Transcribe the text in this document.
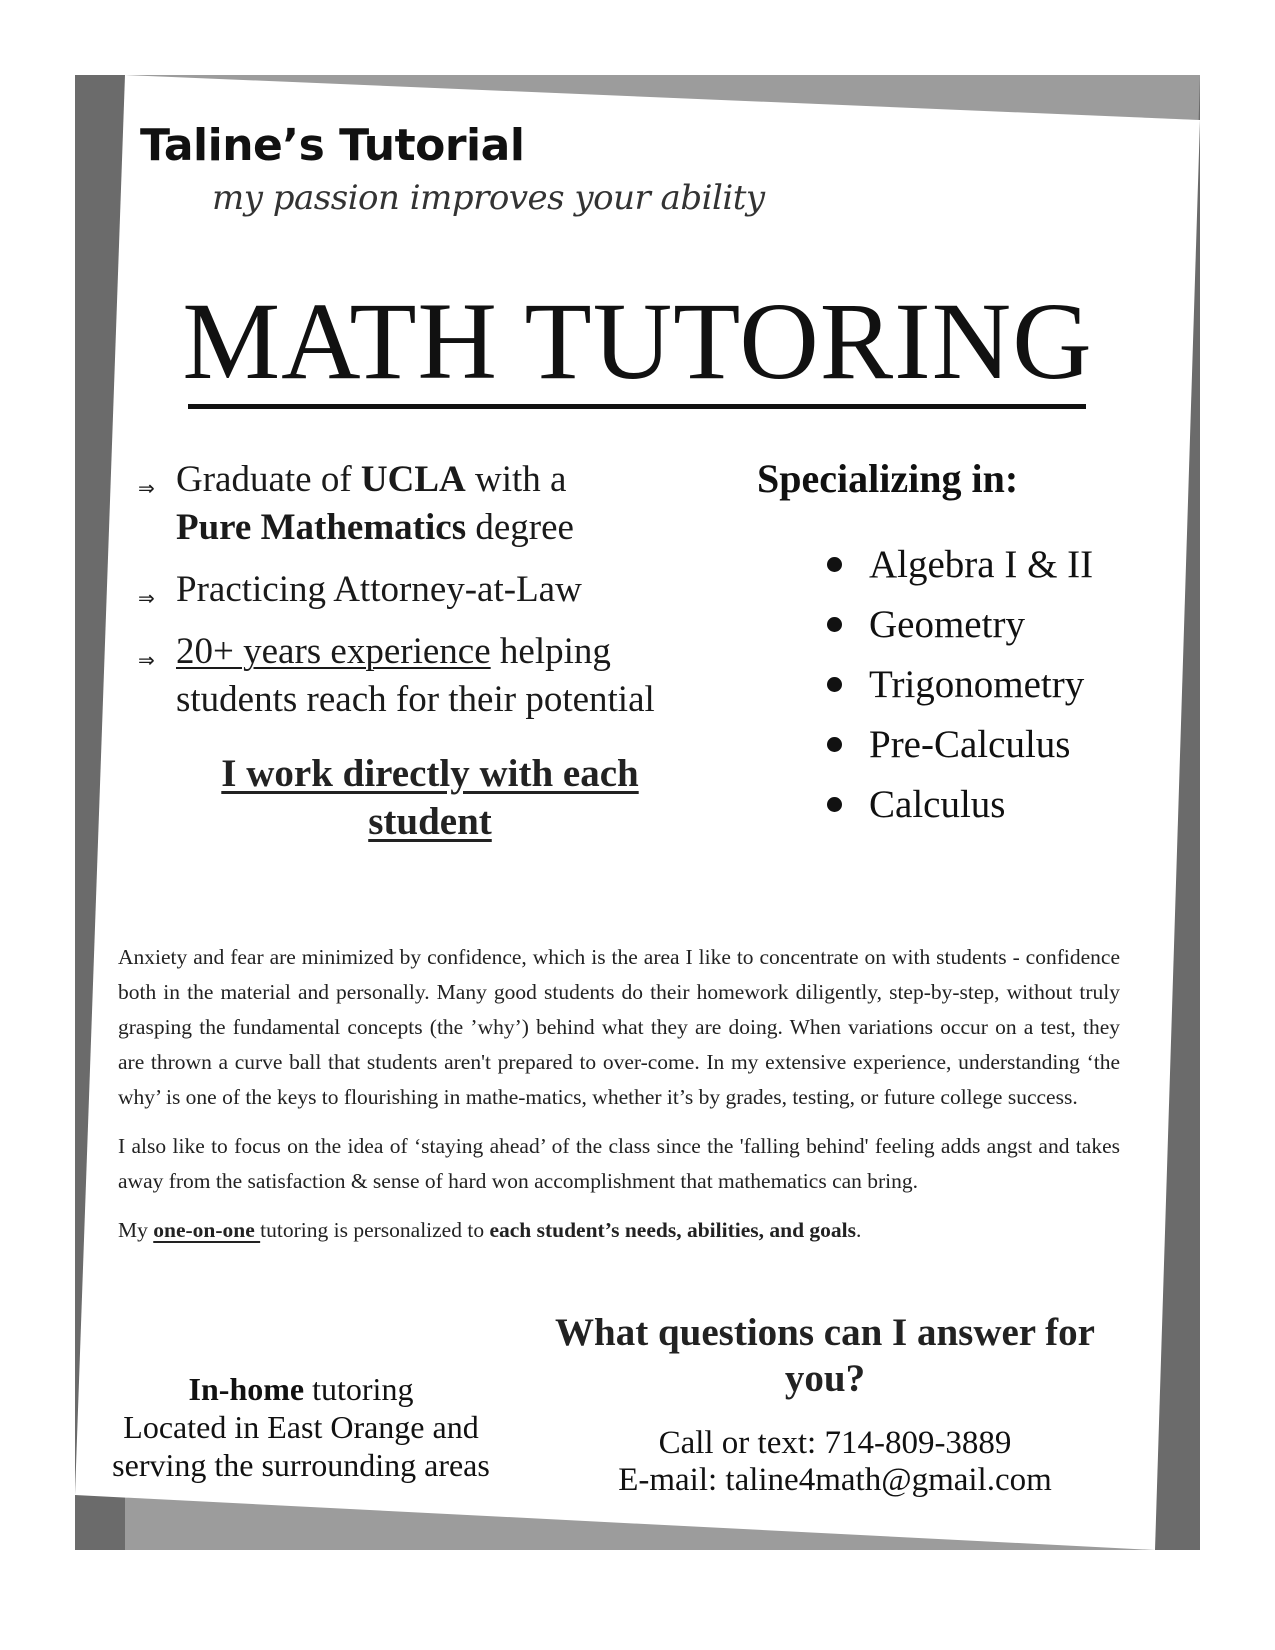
Taline’s Tutorial
my passion improves your ability
MATH TUTORING
⇒ Graduate of UCLA with a
Pure Mathematics degree
⇒ Practicing Attorney-at-Law
⇒ 20+ years experience helping students reach for their potential
I work directly with each student
Specializing in:
Algebra I & II
Geometry
Trigonometry
Pre-Calculus
Calculus

Anxiety and fear are minimized by confidence, which is the area I like to concentrate on with students - confidence both in the material and personally. Many good students do their homework diligently, step-by-step, without truly grasping the fundamental concepts (the ’why’) behind what they are doing. When variations occur on a test, they are thrown a curve ball that students aren't prepared to over-come. In my extensive experience, understanding ‘the why’ is one of the keys to flourishing in mathe-matics, whether it’s by grades, testing, or future college success.

I also like to focus on the idea of ‘staying ahead’ of the class since the 'falling behind' feeling adds angst and takes away from the satisfaction & sense of hard won accomplishment that mathematics can bring.

My one-on-one tutoring is personalized to each student’s needs, abilities, and goals.

In-home tutoring
Located in East Orange and
serving the surrounding areas
What questions can I answer for you?
Call or text: 714-809-3889
E-mail: taline4math@gmail.com
